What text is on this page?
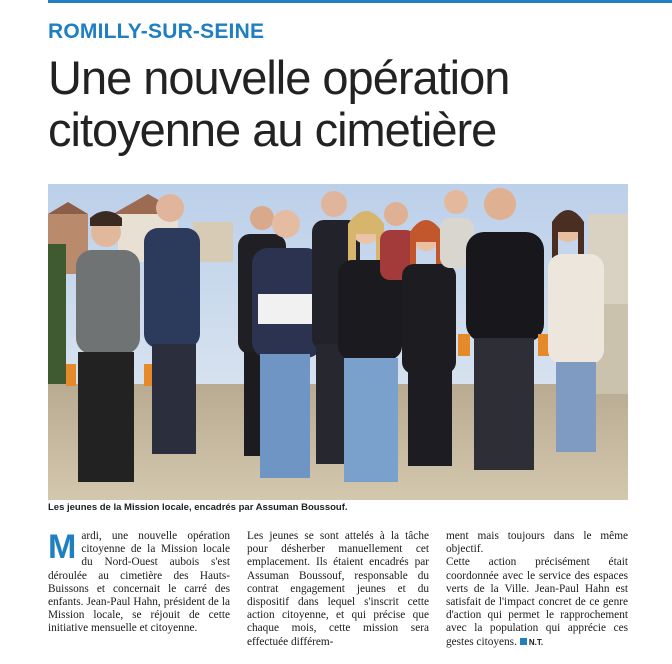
ROMILLY-SUR-SEINE
Une nouvelle opération
citoyenne au cimetière
Les jeunes de la Mission locale, encadrés par Assuman Boussouf.
M ardi, une nouvelle opération citoyenne de la Mission locale du Nord-Ouest aubois s'est déroulée au cimetière des Hauts-Buissons et concernait le carré des enfants. Jean-Paul Hahn, président de la Mission locale, se réjouit de cette initiative mensuelle et citoyenne.
Les jeunes se sont attelés à la tâche pour désherber manuellement cet emplacement. Ils étaient encadrés par Assuman Boussouf, responsable du contrat engagement jeunes et du dispositif dans lequel s'inscrit cette action citoyenne, et qui précise que chaque mois, cette mission sera effectuée différem-

ment mais toujours dans le même objectif.

Cette action précisément était coordonnée avec le service des espaces verts de la Ville. Jean-Paul Hahn est satisfait de l'impact concret de ce genre d'action qui permet le rapprochement avec la population qui apprécie ces gestes citoyens. N.T.
